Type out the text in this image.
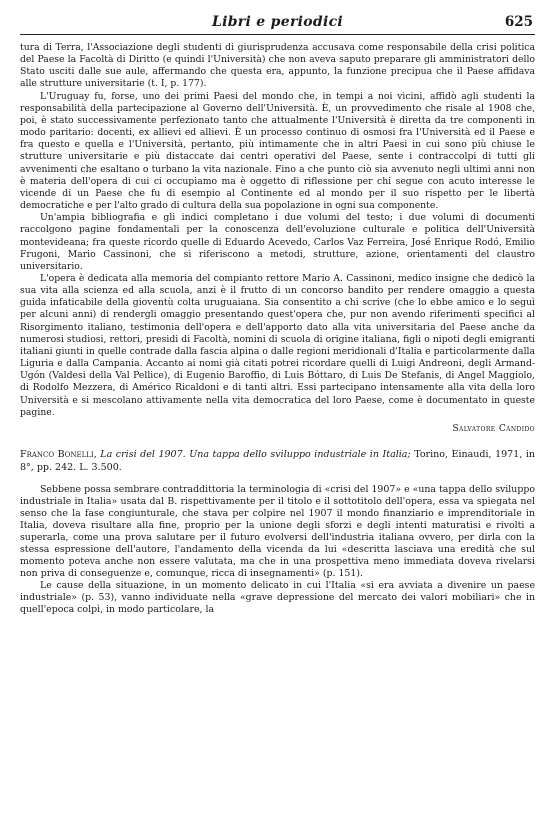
Libri e periodici	625

tura di Terra, l'Associazione degli studenti di giurisprudenza accusava come responsabile della crisi politica del Paese la Facoltà di Diritto (e quindi l'Università) che non aveva saputo preparare gli amministratori dello Stato usciti dalle sue aule, affermando che questa era, appunto, la funzione precipua che il Paese affidava alle strutture universitarie (t. I, p. 177).

L'Uruguay fu, forse, uno dei primi Paesi del mondo che, in tempi a noi vicini, affidò agli studenti la responsabilità della partecipazione al Governo dell'Università. È, un provvedimento che risale al 1908 che, poi, è stato successivamente perfezionato tanto che attualmente l'Università è diretta da tre componenti in modo paritario: docenti, ex allievi ed allievi. È un processo continuo di osmosi fra l'Università ed il Paese e fra questo e quella e l'Università, pertanto, più intimamente che in altri Paesi in cui sono più chiuse le strutture universitarie e più distaccate dai centri operativi del Paese, sente i contraccolpi di tutti gli avvenimenti che esaltano o turbano la vita nazionale. Fino a che punto ciò sia avvenuto negli ultimi anni non è materia dell'opera di cui ci occupiamo ma è oggetto di riflessione per chi segue con acuto interesse le vicende di un Paese che fu di esempio al Continente ed al mondo per il suo rispetto per le libertà democratiche e per l'alto grado di cultura della sua popolazione in ogni sua componente.

Un'ampia bibliografia e gli indici completano i due volumi del testo; i due volumi di documenti raccolgono pagine fondamentali per la conoscenza dell'evoluzione culturale e politica dell'Università montevideana; fra queste ricordo quelle di Eduardo Acevedo, Carlos Vaz Ferreira, José Enrique Rodó, Emilio Frugoni, Mario Cassinoni, che si riferiscono a metodi, strutture, azione, orientamenti del claustro universitario.

L'opera è dedicata alla memoria del compianto rettore Mario A. Cassinoni, medico insigne che dedicò la sua vita alla scienza ed alla scuola, anzi è il frutto di un concorso bandito per rendere omaggio a questa guida infaticabile della gioventù colta uruguaiana. Sia consentito a chi scrive (che lo ebbe amico e lo seguì per alcuni anni) di rendergli omaggio presentando quest'opera che, pur non avendo riferimenti specifici al Risorgimento italiano, testimonia dell'opera e dell'apporto dato alla vita universitaria del Paese anche da numerosi studiosi, rettori, presidi di Facoltà, nomini di scuola di origine italiana, figli o nipoti degli emigranti italiani giunti in quelle contrade dalla fascia alpina o dalle regioni meridionali d'Italia e particolarmente dalla Liguria e dalla Campania. Accanto ai nomi già citati potrei ricordare quelli di Luigi Andreoni, degli Armand-Ugón (Valdesi della Val Pellice), di Eugenio Baroffio, di Luis Bóttaro, di Luis De Stefanis, di Angel Maggiolo, di Rodolfo Mezzera, di Américo Ricaldoni e di tanti altri. Essi partecipano intensamente alla vita della loro Università e si mescolano attivamente nella vita democratica del loro Paese, come è documentato in queste pagine.

Salvatore Candido
Franco Bonelli, La crisi del 1907. Una tappa dello sviluppo industriale in Italia; Torino, Einaudi, 1971, in 8°, pp. 242. L. 3.500.

Sebbene possa sembrare contraddittoria la terminologia di «crisi del 1907» e «una tappa dello sviluppo industriale in Italia» usata dal B. rispettivamente per il titolo e il sottotitolo dell'opera, essa va spiegata nel senso che la fase congiunturale, che stava per colpire nel 1907 il mondo finanziario e imprenditoriale in Italia, doveva risultare alla fine, proprio per la unione degli sforzi e degli intenti maturatisi e rivolti a superarla, come una prova salutare per il futuro evolversi dell'industria italiana ovvero, per dirla con la stessa espressione dell'autore, l'andamento della vicenda da lui «descritta lasciava una eredità che sul momento poteva anche non essere valutata, ma che in una prospettiva meno immediata doveva rivelarsi non priva di conseguenze e, comunque, ricca di insegnamenti» (p. 151).

Le cause della situazione, in un momento delicato in cui l'Italia «si era avviata a divenire un paese industriale» (p. 53), vanno individuate nella «grave depressione del mercato dei valori mobiliari» che in quell'epoca colpì, in modo particolare, la
